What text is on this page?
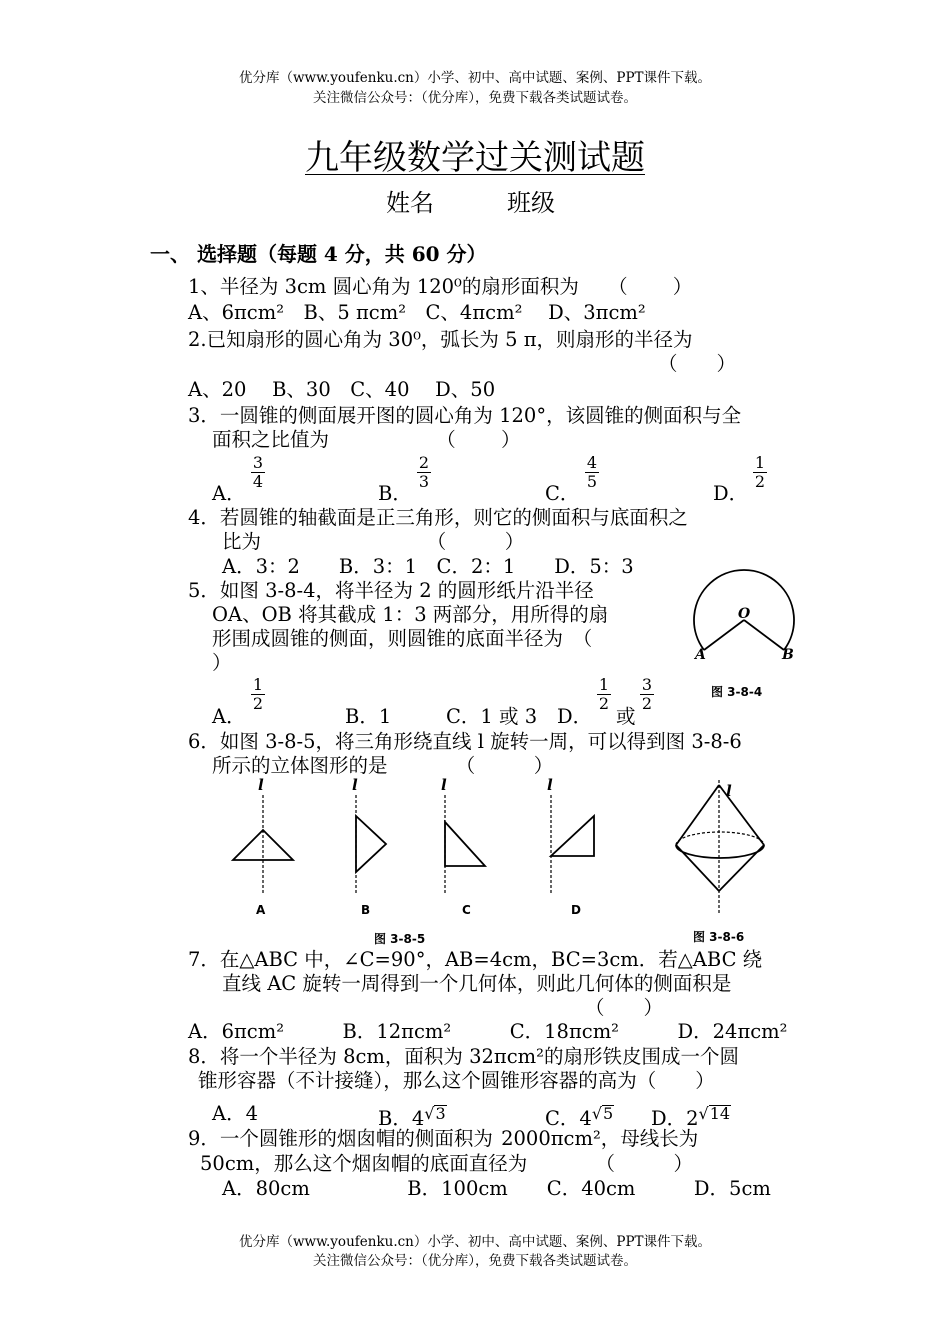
优分库（www.youfenku.cn）小学、初中、高中试题、案例、PPT课件下载。
关注微信公众号：（优分库），免费下载各类试题试卷。
九年级数学过关测试题
姓名	班级
一、 选择题（每题 4 分，共 60 分）
1、半径为 3cm 圆心角为 120⁰的扇形面积为　　（　　 ）
A、6πcm²　B、5 πcm²　C、4πcm²　 D、3πcm²
2.已知扇形的圆心角为 30⁰，弧长为 5 π，则扇形的半径为
（　　）
A、20　 B、30　C、40　 D、50
3．一圆锥的侧面展开图的圆心角为 120°，该圆锥的侧面积与全
面积之比值为　　　　　　（　　 ）
A．
$\frac{3}{4}$
B．
$\frac{2}{3}$
C．
$\frac{4}{5}$
D．
$\frac{1}{2}$
4．若圆锥的轴截面是正三角形，则它的侧面积与底面积之
比为　　　　　　　　　（　　　）
A．3：2　　B．3：1　C．2：1　　D．5：3
5．如图 3-8-4，将半径为 2 的圆形纸片沿半径
OA、OB 将其截成 1：3 两部分，用所得的扇
形围成圆锥的侧面，则圆锥的底面半径为　（
）
O
A	B
图 3-8-4
A．
$\frac{1}{2}$
B．1	C．1 或 3 D．
$\frac{1}{2}$
或
$\frac{3}{2}$
6．如图 3-8-5，将三角形绕直线 l 旋转一周，可以得到图 3-8-6
所示的立体图形的是　　　　（　　　）
l	l	l	l	l
A	B	C	D
图 3-8-5	图 3-8-6
7．在△ABC 中，∠C=90°，AB=4cm，BC=3cm．若△ABC 绕
直线 AC 旋转一周得到一个几何体，则此几何体的侧面积是
（　　）
A．6πcm²　　　B．12πcm²　　　C．18πcm²　　　D．24πcm²
8．将一个半径为 8cm，面积为 32πcm²的扇形铁皮围成一个圆
锥形容器（不计接缝），那么这个圆锥形容器的高为（　　）
A．4	B．4√3	C．4√5 D．2√14
9．一个圆锥形的烟囱帽的侧面积为 2000πcm²，母线长为
50cm，那么这个烟囱帽的底面直径为　　　　（　　　）
A．80cm　　　　　B．100cm　　C．40cm　　　D．5cm
优分库（www.youfenku.cn）小学、初中、高中试题、案例、PPT课件下载。
关注微信公众号：（优分库），免费下载各类试题试卷。
